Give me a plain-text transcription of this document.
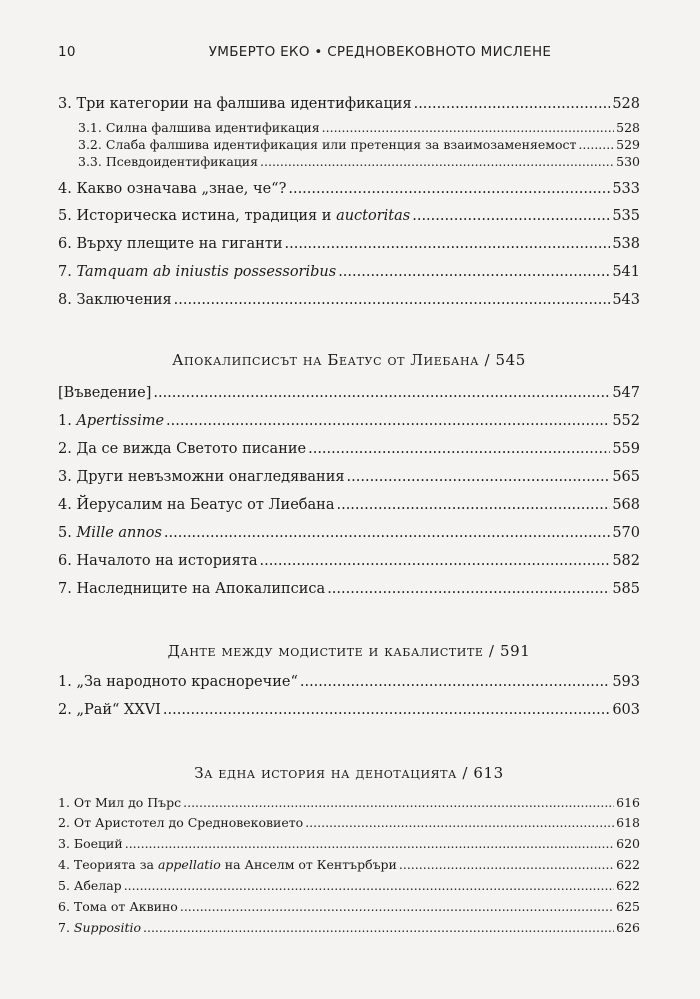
10	УМБЕРТО ЕКО • СРЕДНОВЕКОВНОТО МИСЛЕНЕ
3. Три категории на фалшива идентификация .....	528
3.1. Силна фалшива идентификация .....	528
3.2. Слаба фалшива идентификация или претенция за взаимозаменяемост .....	529
3.3. Псевдоидентификация .....	530
4. Какво означава „знае, че“? .....	533
5. Историческа истина, традиция и auctoritas .....	535
6. Върху плещите на гиганти .....	538
7. Tamquam ab iniustis possessoribus .....	541
8. Заключения .....	543
Апокалипсисът на Беатус от Лиебана / 545
[Въведение] .....	547
1. Apertissime .....	552
2. Да се вижда Светото писание .....	559
3. Други невъзможни онагледявания .....	565
4. Йерусалим на Беатус от Лиебана .....	568
5. Mille annos .....	570
6. Началото на историята .....	582
7. Наследниците на Апокалипсиса .....	585
Данте между модистите и кабалистите / 591
1. „За народното красноречие“ .....	593
2. „Рай“ XXVI .....	603
За една история на денотацията / 613
1. От Мил до Пърс .....	616
2. От Аристотел до Средновековието .....	618
3. Боеций .....	620
4. Теорията за appellatio на Анселм от Кентърбъри .....	622
5. Абелар .....	622
6. Тома от Аквино .....	625
7. Suppositio .....	626
